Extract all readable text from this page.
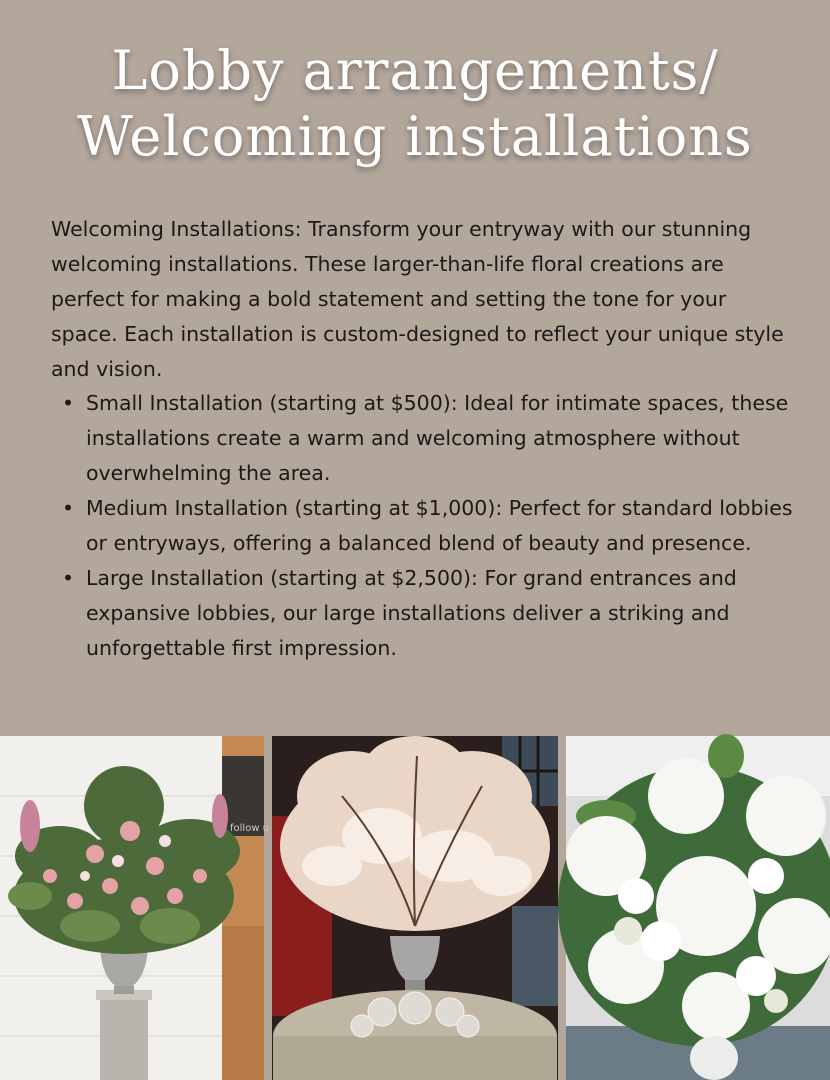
Lobby arrangements/
Welcoming installations

Welcoming Installations: Transform your entryway with our stunning welcoming installations. These larger-than-life floral creations are perfect for making a bold statement and setting the tone for your space. Each installation is custom-designed to reflect your unique style and vision.

• Small Installation (starting at $500): Ideal for intimate spaces, these installations create a warm and welcoming atmosphere without overwhelming the area.
• Medium Installation (starting at $1,000): Perfect for standard lobbies or entryways, offering a balanced blend of beauty and presence.
• Large Installation (starting at $2,500): For grand entrances and expansive lobbies, our large installations deliver a striking and unforgettable first impression.
follow u
